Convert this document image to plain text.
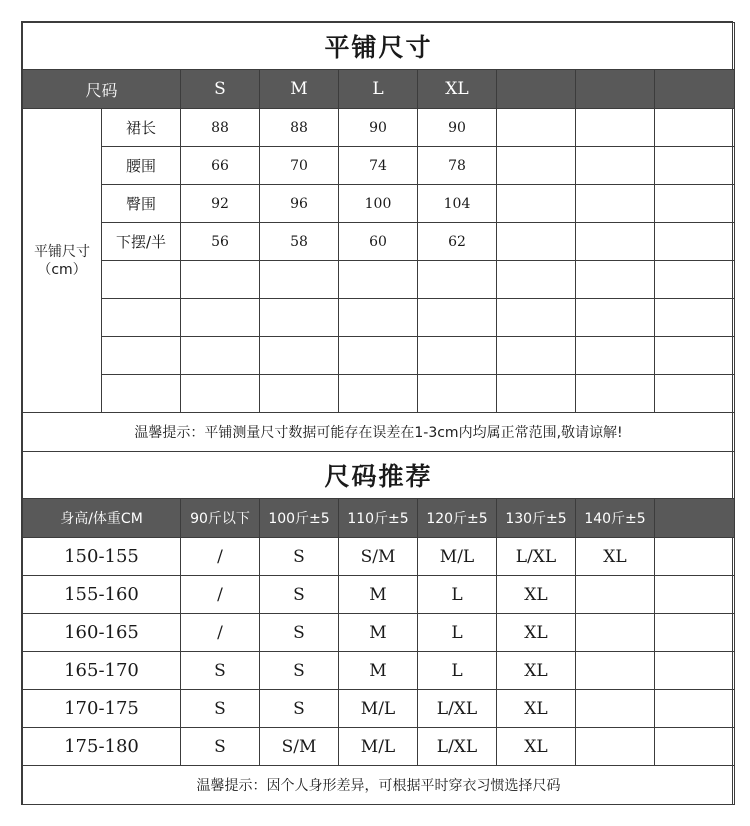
平铺尺寸								
尺码		S	M	L	XL			
平铺尺寸
（cm）	裙长	88	88	90	90			
	腰围	66	70	74	78			
	臀围	92	96	100	104			
	下摆/半	56	58	60	62			

温馨提示：平铺测量尺寸数据可能存在误差在1-3cm内均属正常范围,敬请谅解!								
尺码推荐								
身高/体重CM		90斤以下	100斤±5	110斤±5	120斤±5	130斤±5	140斤±5	
150-155		/	S	S/M	M/L	L/XL	XL	
155-160		/	S	M	L	XL		
160-165		/	S	M	L	XL		
165-170		S	S	M	L	XL		
170-175		S	S	M/L	L/XL	XL		
175-180		S	S/M	M/L	L/XL	XL		
温馨提示：因个人身形差异，可根据平时穿衣习惯选择尺码								
